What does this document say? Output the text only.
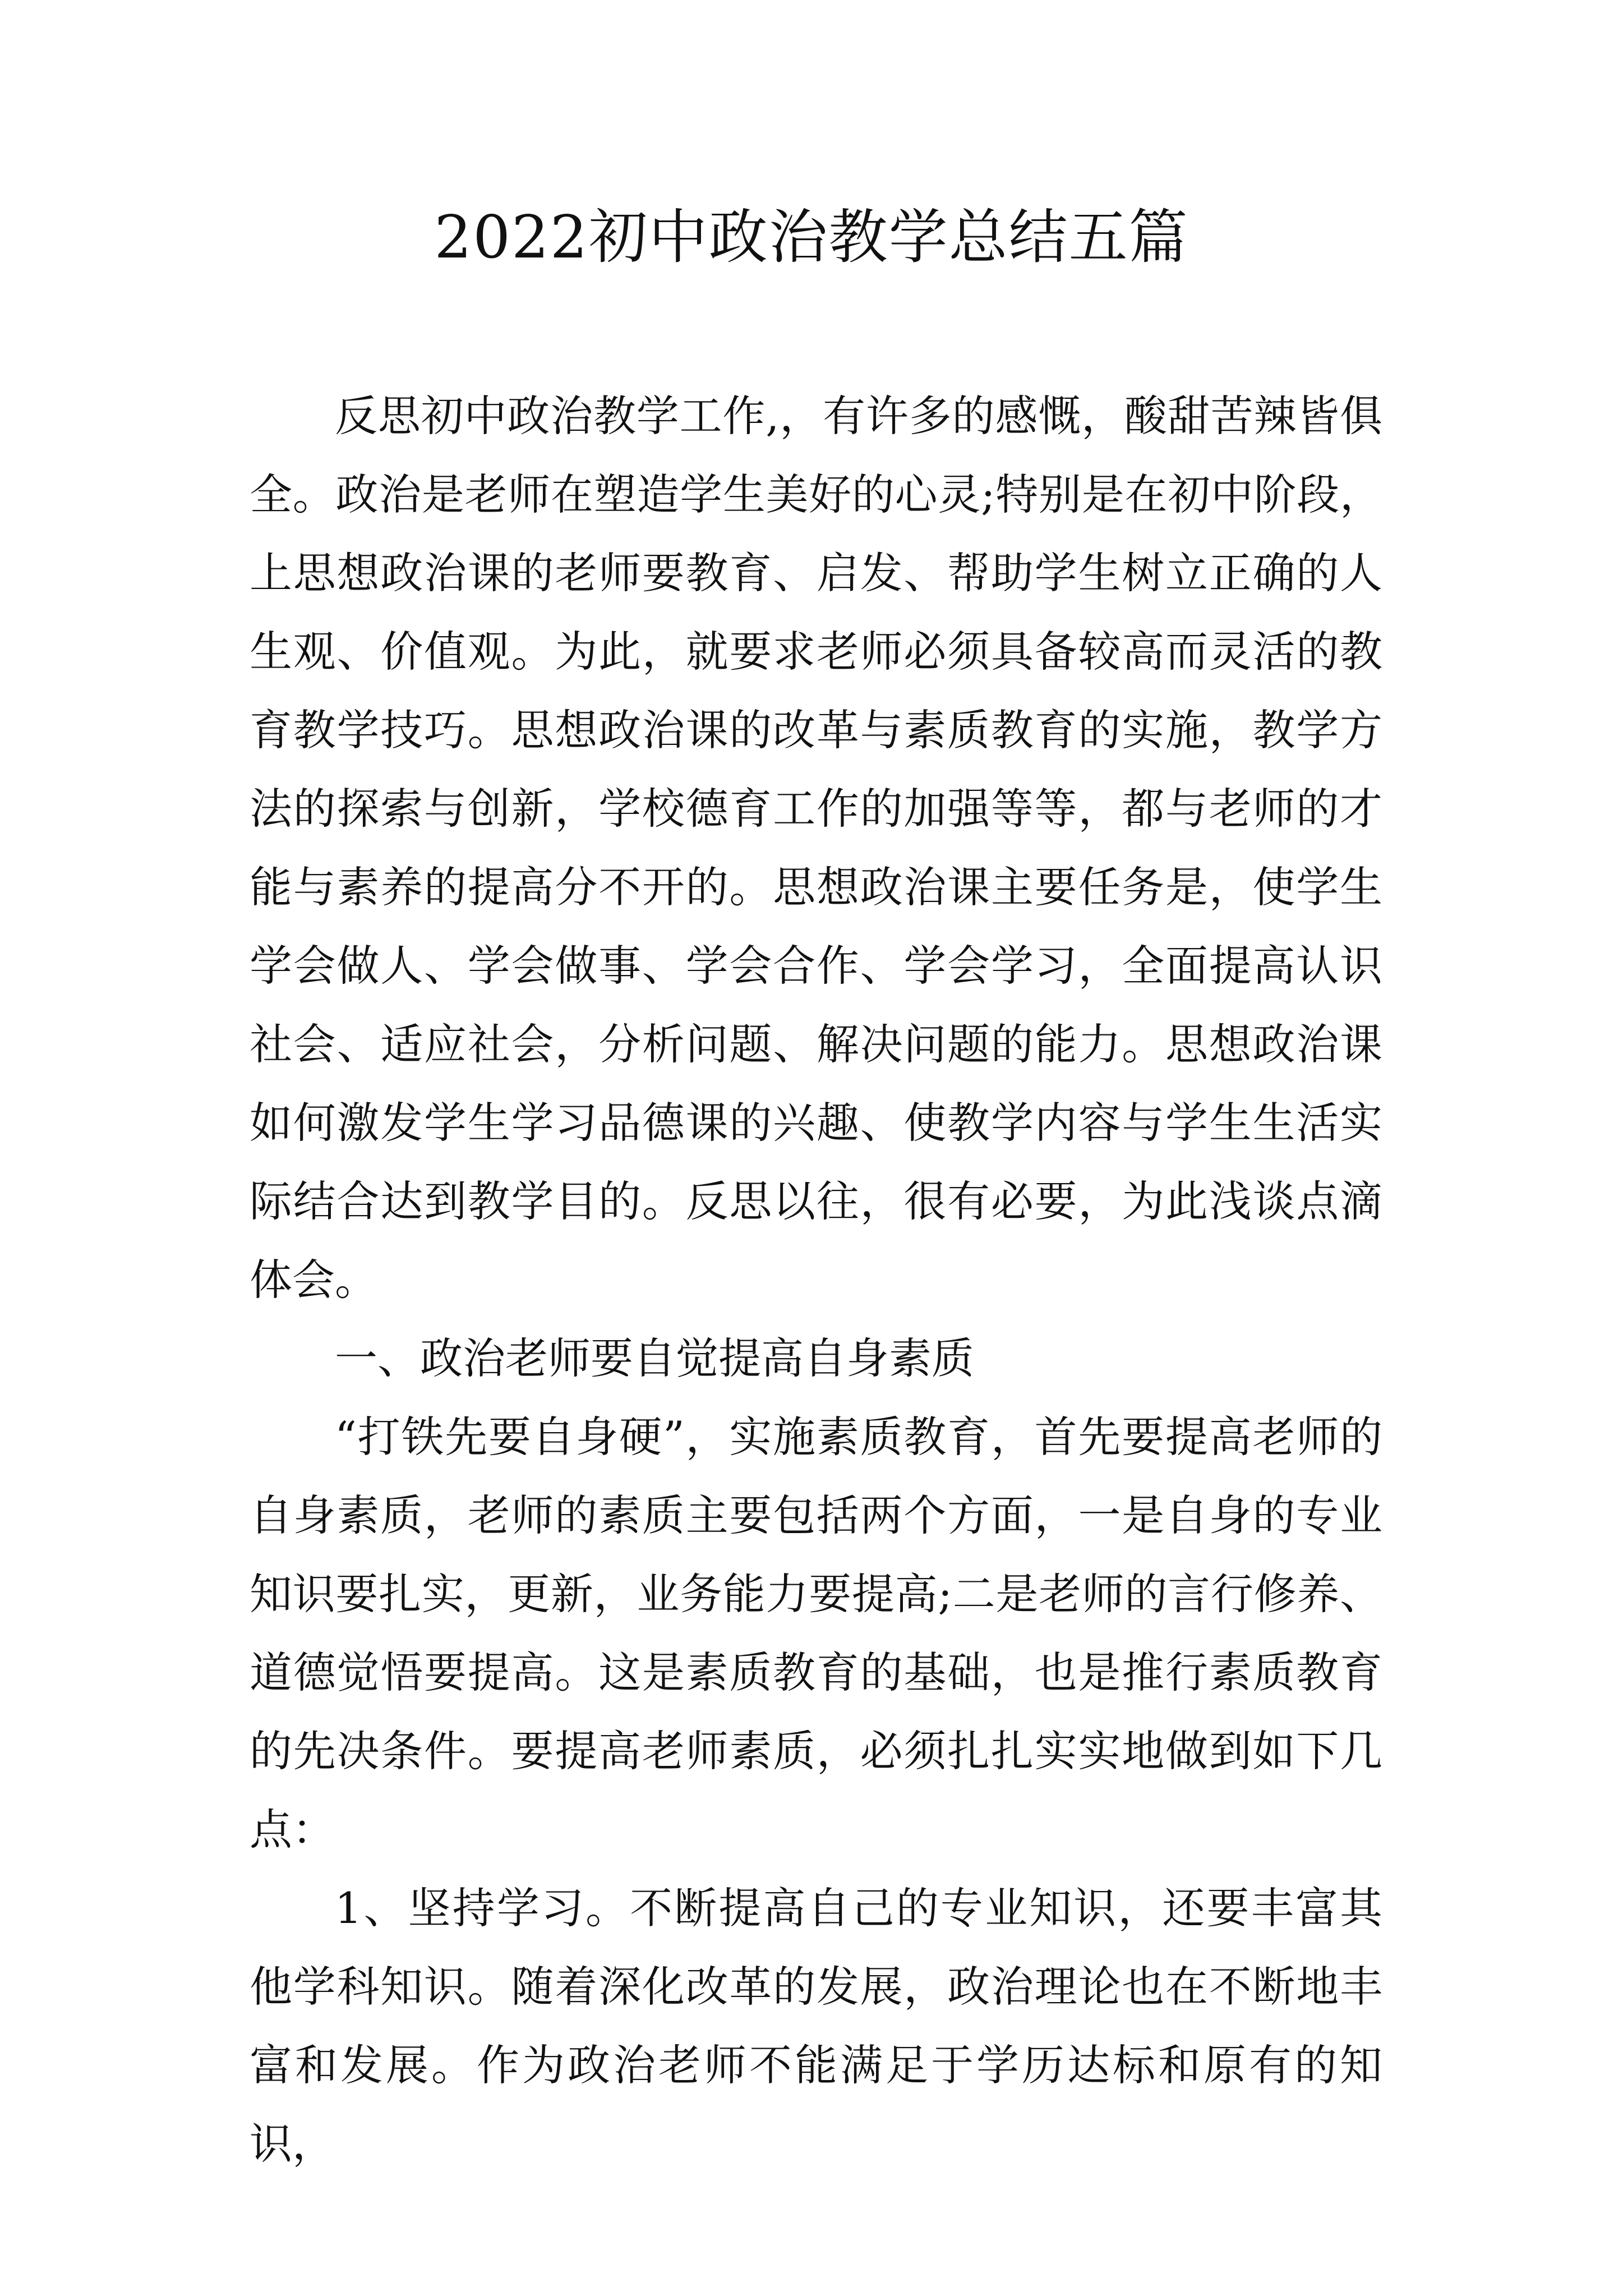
2022初中政治教学总结五篇

反思初中政治教学工作,，有许多的感慨，酸甜苦辣皆俱全。政治是老师在塑造学生美好的心灵;特别是在初中阶段，上思想政治课的老师要教育、启发、帮助学生树立正确的人生观、价值观。为此，就要求老师必须具备较高而灵活的教育教学技巧。思想政治课的改革与素质教育的实施，教学方法的探索与创新，学校德育工作的加强等等，都与老师的才能与素养的提高分不开的。思想政治课主要任务是，使学生学会做人、学会做事、学会合作、学会学习，全面提高认识社会、适应社会，分析问题、解决问题的能力。思想政治课如何激发学生学习品德课的兴趣、使教学内容与学生生活实际结合达到教学目的。反思以往，很有必要，为此浅谈点滴体会。

一、政治老师要自觉提高自身素质

“打铁先要自身硬”，实施素质教育，首先要提高老师的自身素质，老师的素质主要包括两个方面，一是自身的专业知识要扎实，更新，业务能力要提高;二是老师的言行修养、道德觉悟要提高。这是素质教育的基础，也是推行素质教育的先决条件。要提高老师素质，必须扎扎实实地做到如下几点：

1、坚持学习。不断提高自己的专业知识，还要丰富其他学科知识。随着深化改革的发展，政治理论也在不断地丰富和发展。作为政治老师不能满足于学历达标和原有的知识，
